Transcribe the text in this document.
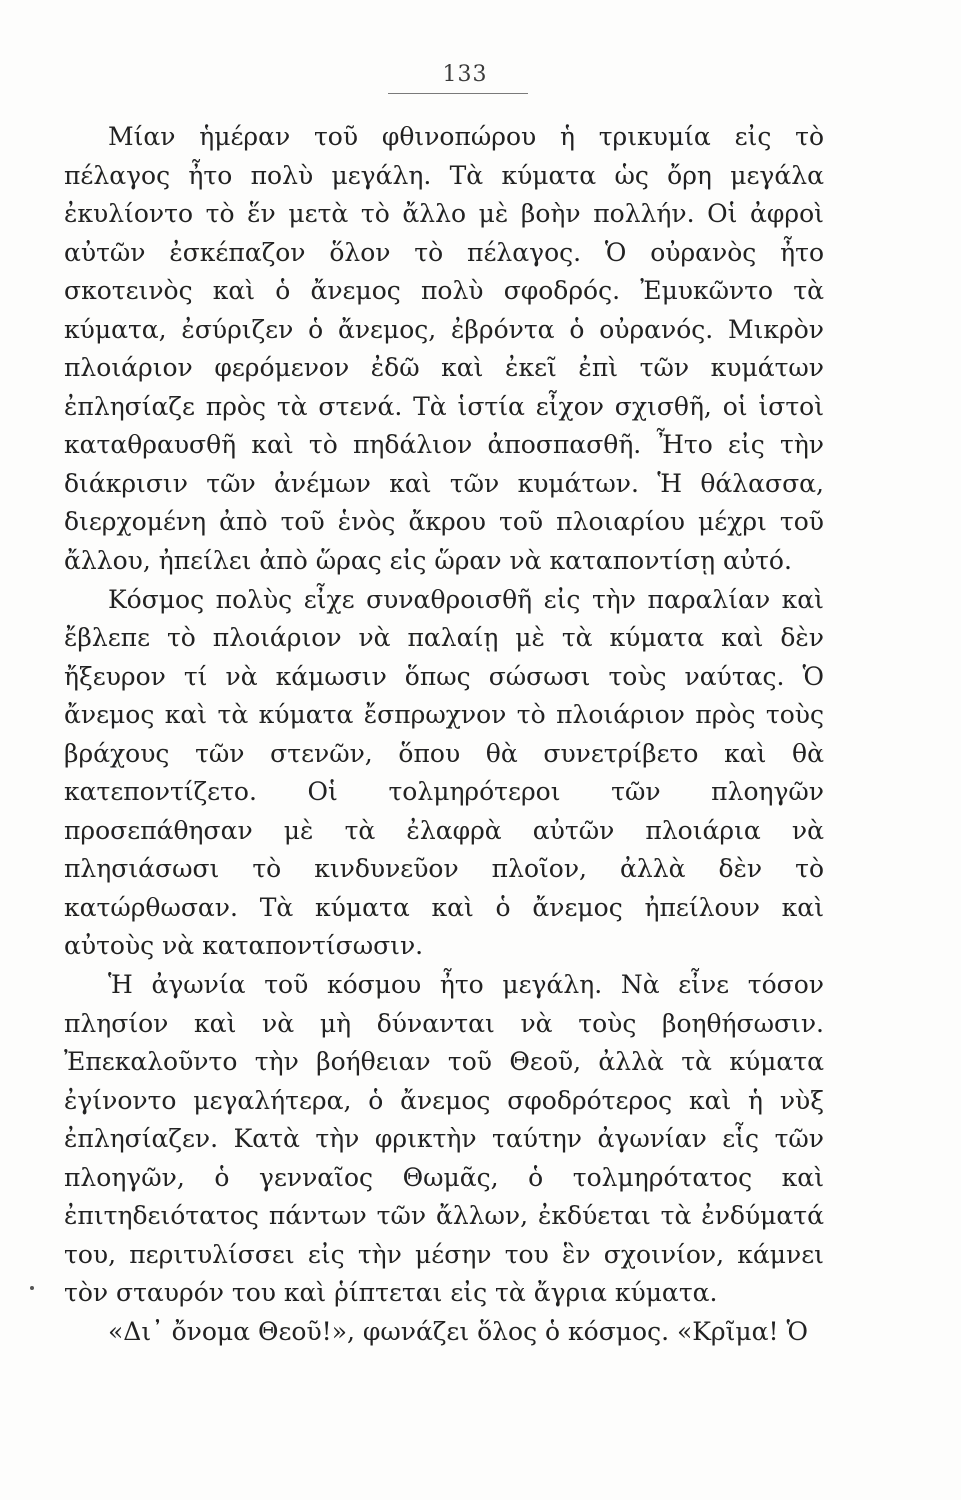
133

Μίαν ἡμέραν τοῦ φθινοπώρου ἡ τρικυμία εἰς τὸ πέλαγος ἦτο πολὺ μεγάλη. Τὰ κύματα ὡς ὄρη μεγάλα ἐκυλίοντο τὸ ἕν μετὰ τὸ ἄλλο μὲ βοὴν πολλήν. Οἱ ἀφροὶ αὐτῶν ἐσκέπαζον ὅλον τὸ πέλαγος. Ὁ οὐρανὸς ἦτο σκοτεινὸς καὶ ὁ ἄνεμος πολὺ σφοδρός. Ἐμυκῶντο τὰ κύματα, ἐσύριζεν ὁ ἄνεμος, ἐβρόντα ὁ οὐρανός. Μικρὸν πλοιάριον φερόμενον ἐδῶ καὶ ἐκεῖ ἐπὶ τῶν κυμάτων ἐπλησίαζε πρὸς τὰ στενά. Τὰ ἱστία εἶχον σχισθῆ, οἱ ἱστοὶ καταθραυσθῆ καὶ τὸ πηδάλιον ἀποσπασθῆ. Ἦτο εἰς τὴν διάκρισιν τῶν ἀνέμων καὶ τῶν κυμάτων. Ἡ θάλασσα, διερχομένη ἀπὸ τοῦ ἑνὸς ἄκρου τοῦ πλοιαρίου μέχρι τοῦ ἄλλου, ἠπείλει ἀπὸ ὥρας εἰς ὥραν νὰ καταποντίσῃ αὐτό.

Κόσμος πολὺς εἶχε συναθροισθῆ εἰς τὴν παραλίαν καὶ ἔβλεπε τὸ πλοιάριον νὰ παλαίῃ μὲ τὰ κύματα καὶ δὲν ἤξευρον τί νὰ κάμωσιν ὅπως σώσωσι τοὺς ναύτας. Ὁ ἄνεμος καὶ τὰ κύματα ἔσπρωχνον τὸ πλοιάριον πρὸς τοὺς βράχους τῶν στενῶν, ὅπου θὰ συνετρίβετο καὶ θὰ κατεποντίζετο. Οἱ τολμηρότεροι τῶν πλοηγῶν προσεπάθησαν μὲ τὰ ἐλαφρὰ αὐτῶν πλοιάρια νὰ πλησιάσωσι τὸ κινδυνεῦον πλοῖον, ἀλλὰ δὲν τὸ κατώρθωσαν. Τὰ κύματα καὶ ὁ ἄνεμος ἠπείλουν καὶ αὐτοὺς νὰ καταποντίσωσιν.

Ἡ ἀγωνία τοῦ κόσμου ἦτο μεγάλη. Νὰ εἶνε τόσον πλησίον καὶ νὰ μὴ δύνανται νὰ τοὺς βοηθήσωσιν. Ἐπεκαλοῦντο τὴν βοήθειαν τοῦ Θεοῦ, ἀλλὰ τὰ κύματα ἐγίνοντο μεγαλήτερα, ὁ ἄνεμος σφοδρότερος καὶ ἡ νὺξ ἐπλησίαζεν. Κατὰ τὴν φρικτὴν ταύτην ἀγωνίαν εἷς τῶν πλοηγῶν, ὁ γενναῖος Θωμᾶς, ὁ τολμηρότατος καὶ ἐπιτηδειότατος πάντων τῶν ἄλλων, ἐκδύεται τὰ ἐνδύματά του, περιτυλίσσει εἰς τὴν μέσην του ἓν σχοινίον, κάμνει τὸν σταυρόν του καὶ ῥίπτεται εἰς τὰ ἄγρια κύματα.

«Δι᾽ ὄνομα Θεοῦ!», φωνάζει ὅλος ὁ κόσμος. «Κρῖμα! Ὁ
